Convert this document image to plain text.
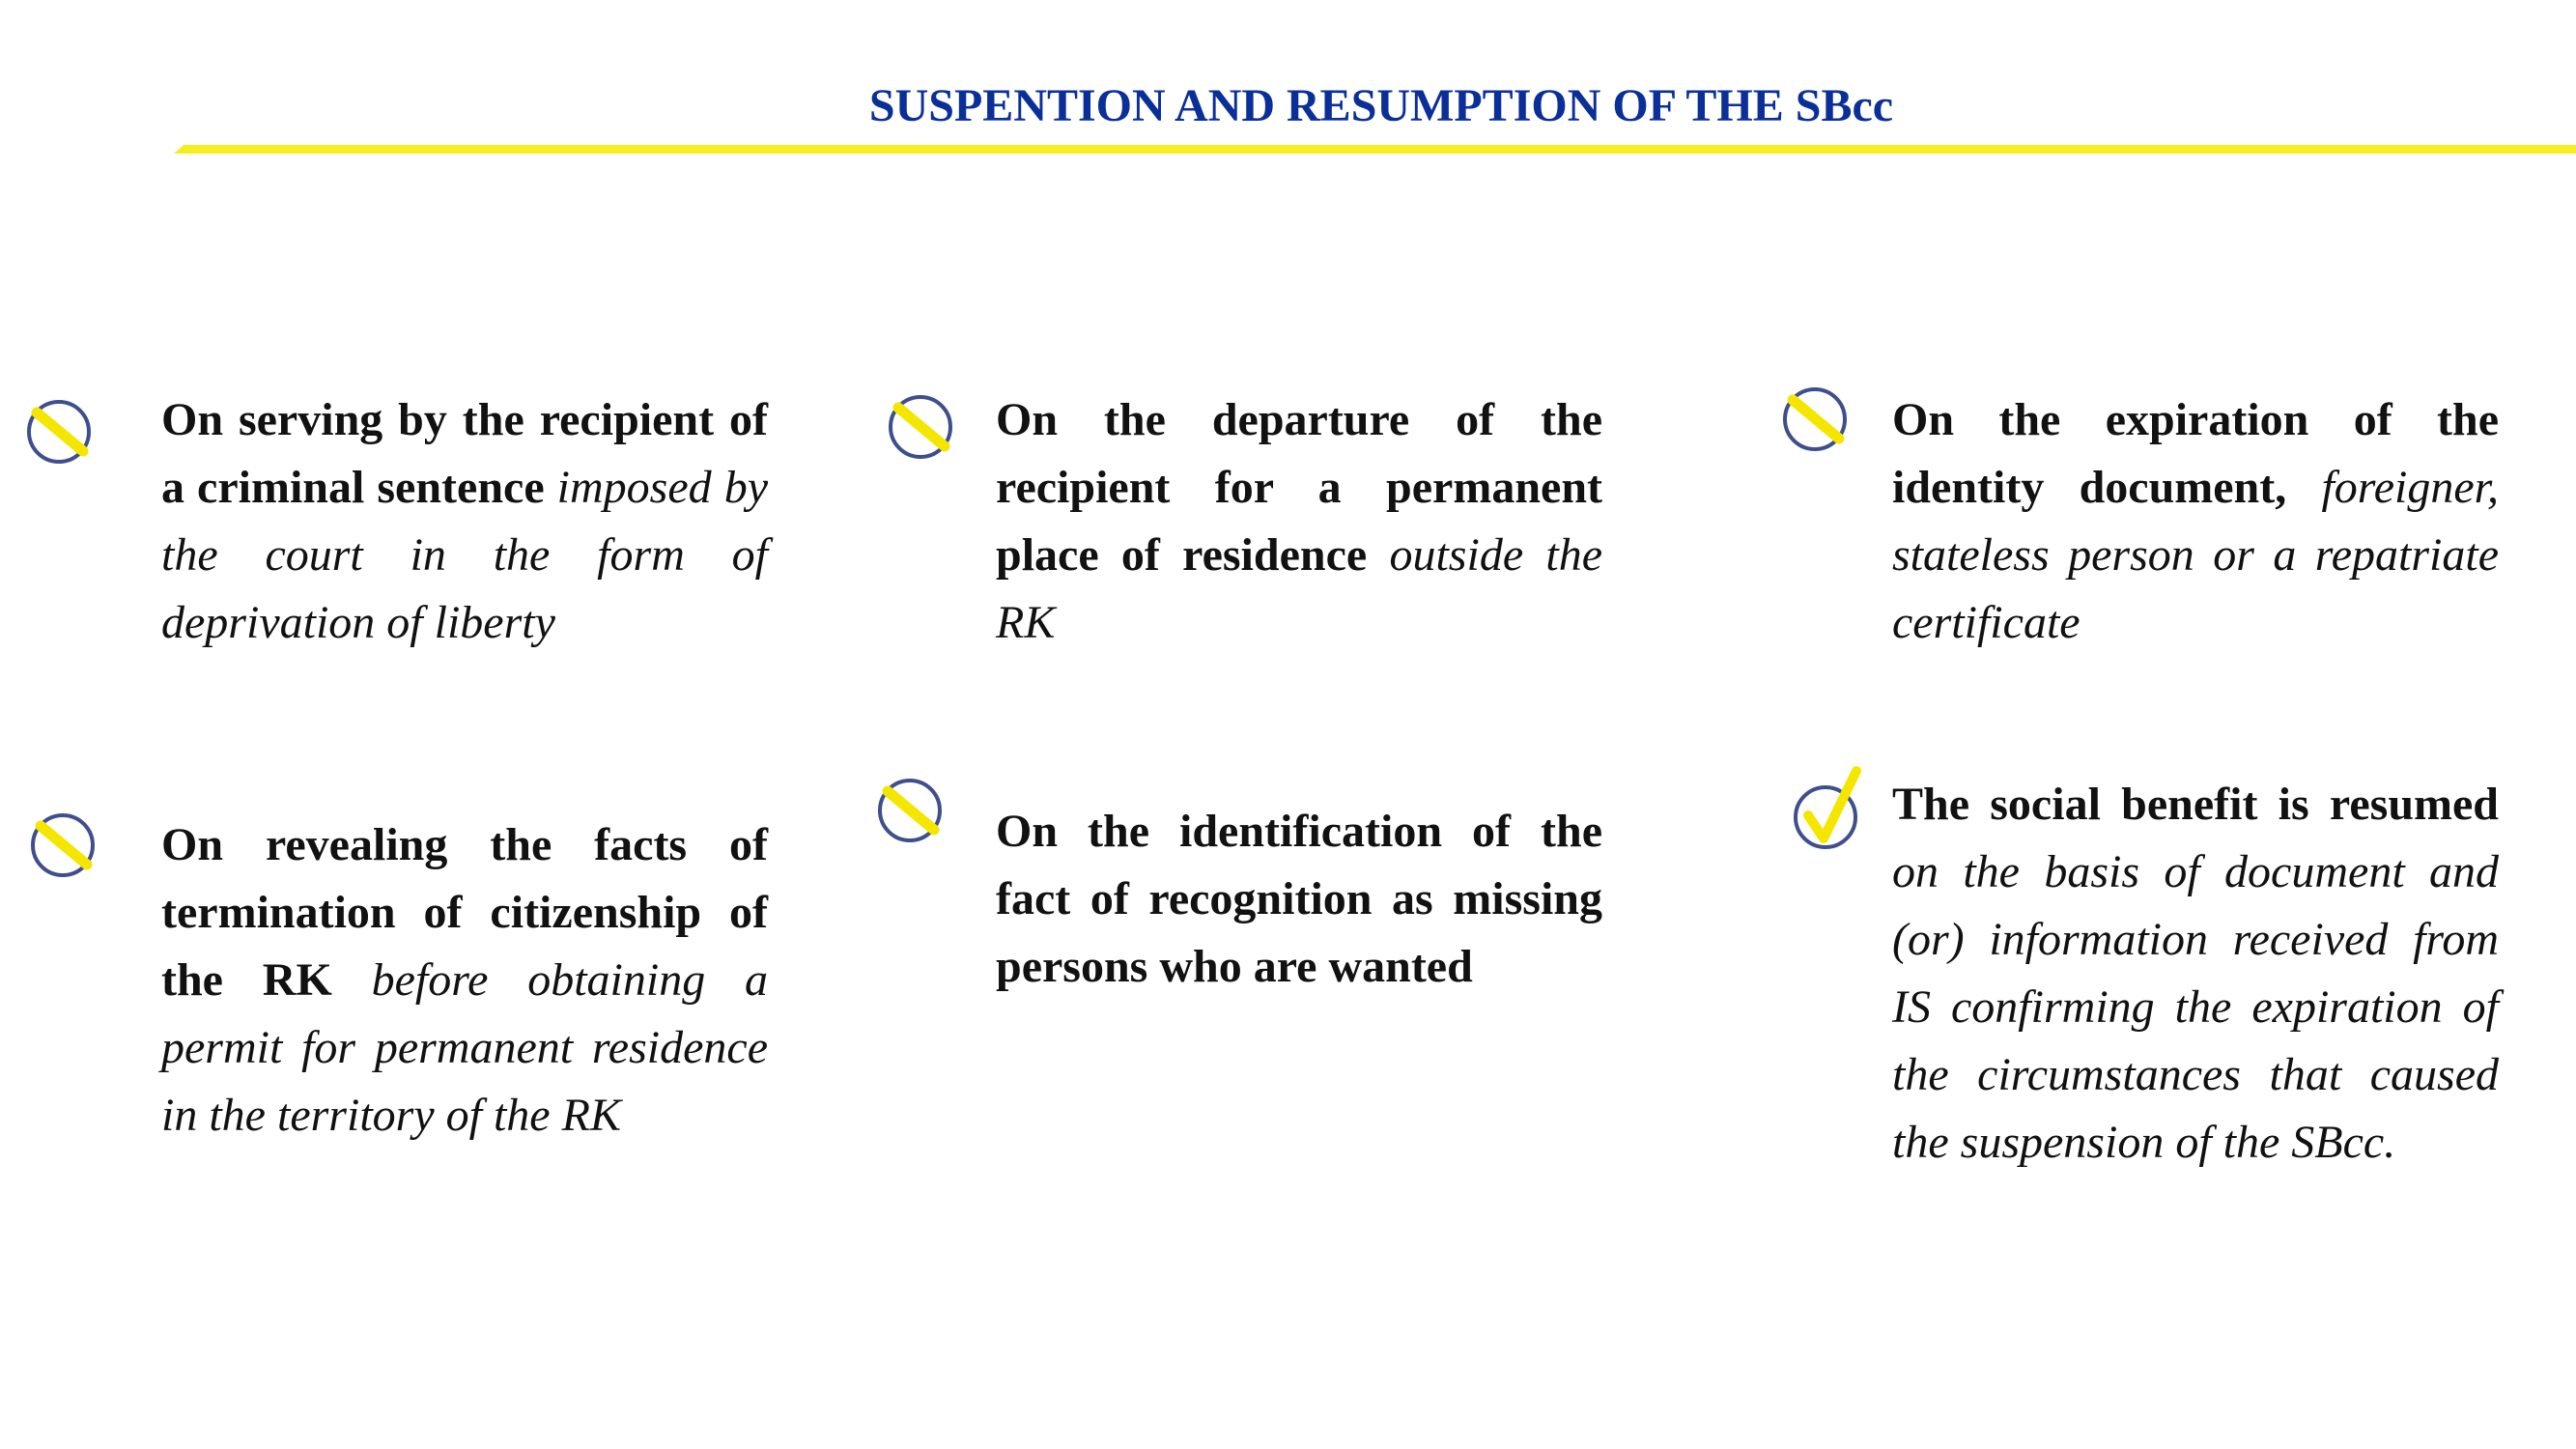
SUSPENTION AND RESUMPTION OF THE SBcc
On serving by the recipient of a criminal sentence imposed by the court in the form of deprivation of liberty
On the departure of the recipient for a permanent place of residence outside the RK
On the expiration of the identity document, foreigner, stateless person or a repatriate certificate
On revealing the facts of termination of citizenship of the RK before obtaining a permit for permanent residence in the territory of the RK
On the identification of the fact of recognition as missing persons who are wanted
The social benefit is resumed on the basis of document and (or) information received from IS confirming the expiration of the circumstances that caused the suspension of the SBcc.
